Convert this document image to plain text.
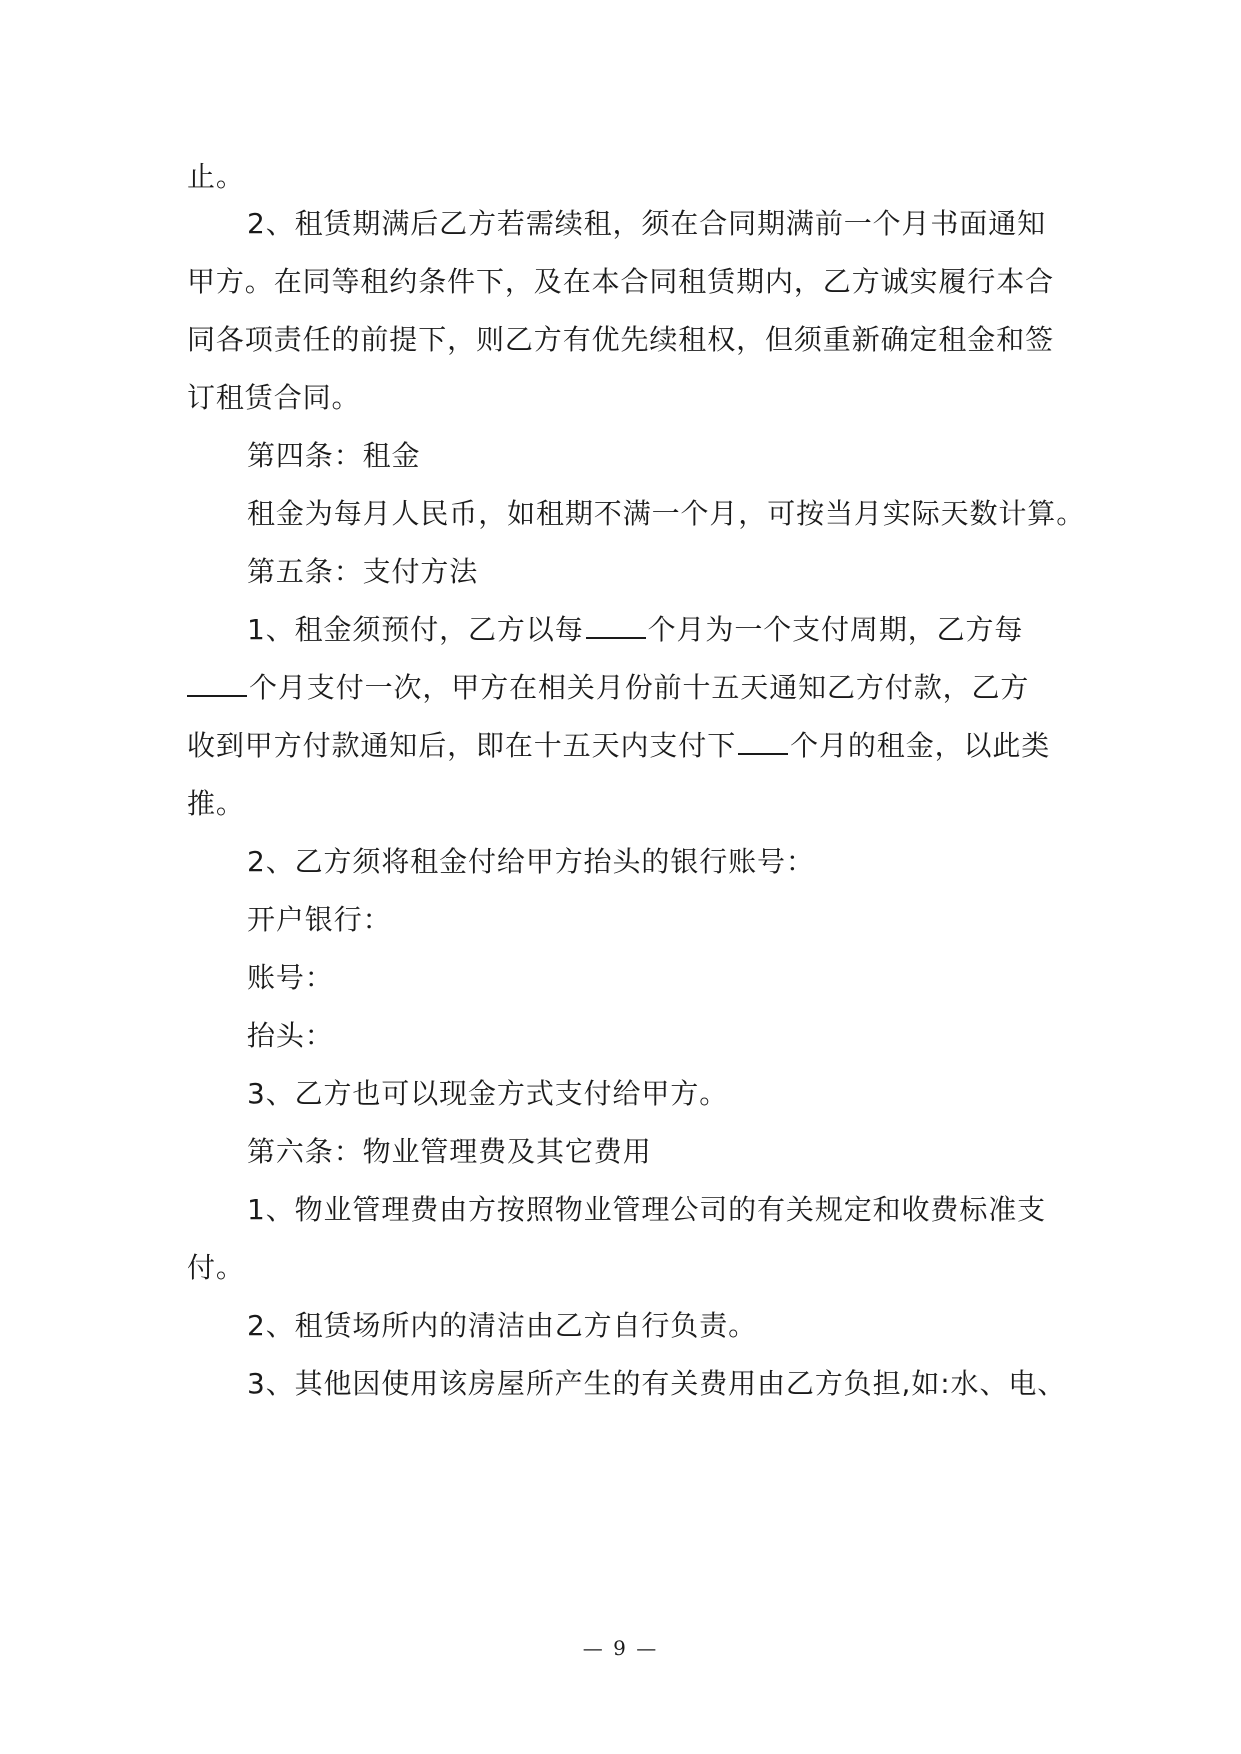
止。
2、租赁期满后乙方若需续租，须在合同期满前一个月书面通知
甲方。在同等租约条件下，及在本合同租赁期内，乙方诚实履行本合
同各项责任的前提下，则乙方有优先续租权，但须重新确定租金和签
订租赁合同。
第四条：租金
租金为每月人民币，如租期不满一个月，可按当月实际天数计算。
第五条：支付方法
1、租金须预付，乙方以每 个月为一个支付周期，乙方每
个月支付一次，甲方在相关月份前十五天通知乙方付款，乙方
收到甲方付款通知后，即在十五天内支付下 个月的租金，以此类
推。
2、乙方须将租金付给甲方抬头的银行账号：
开户银行：
账号：
抬头：
3、乙方也可以现金方式支付给甲方。
第六条：物业管理费及其它费用
1、物业管理费由方按照物业管理公司的有关规定和收费标准支
付。
2、租赁场所内的清洁由乙方自行负责。
3、其他因使用该房屋所产生的有关费用由乙方负担,如:水、电、
— 9 —
